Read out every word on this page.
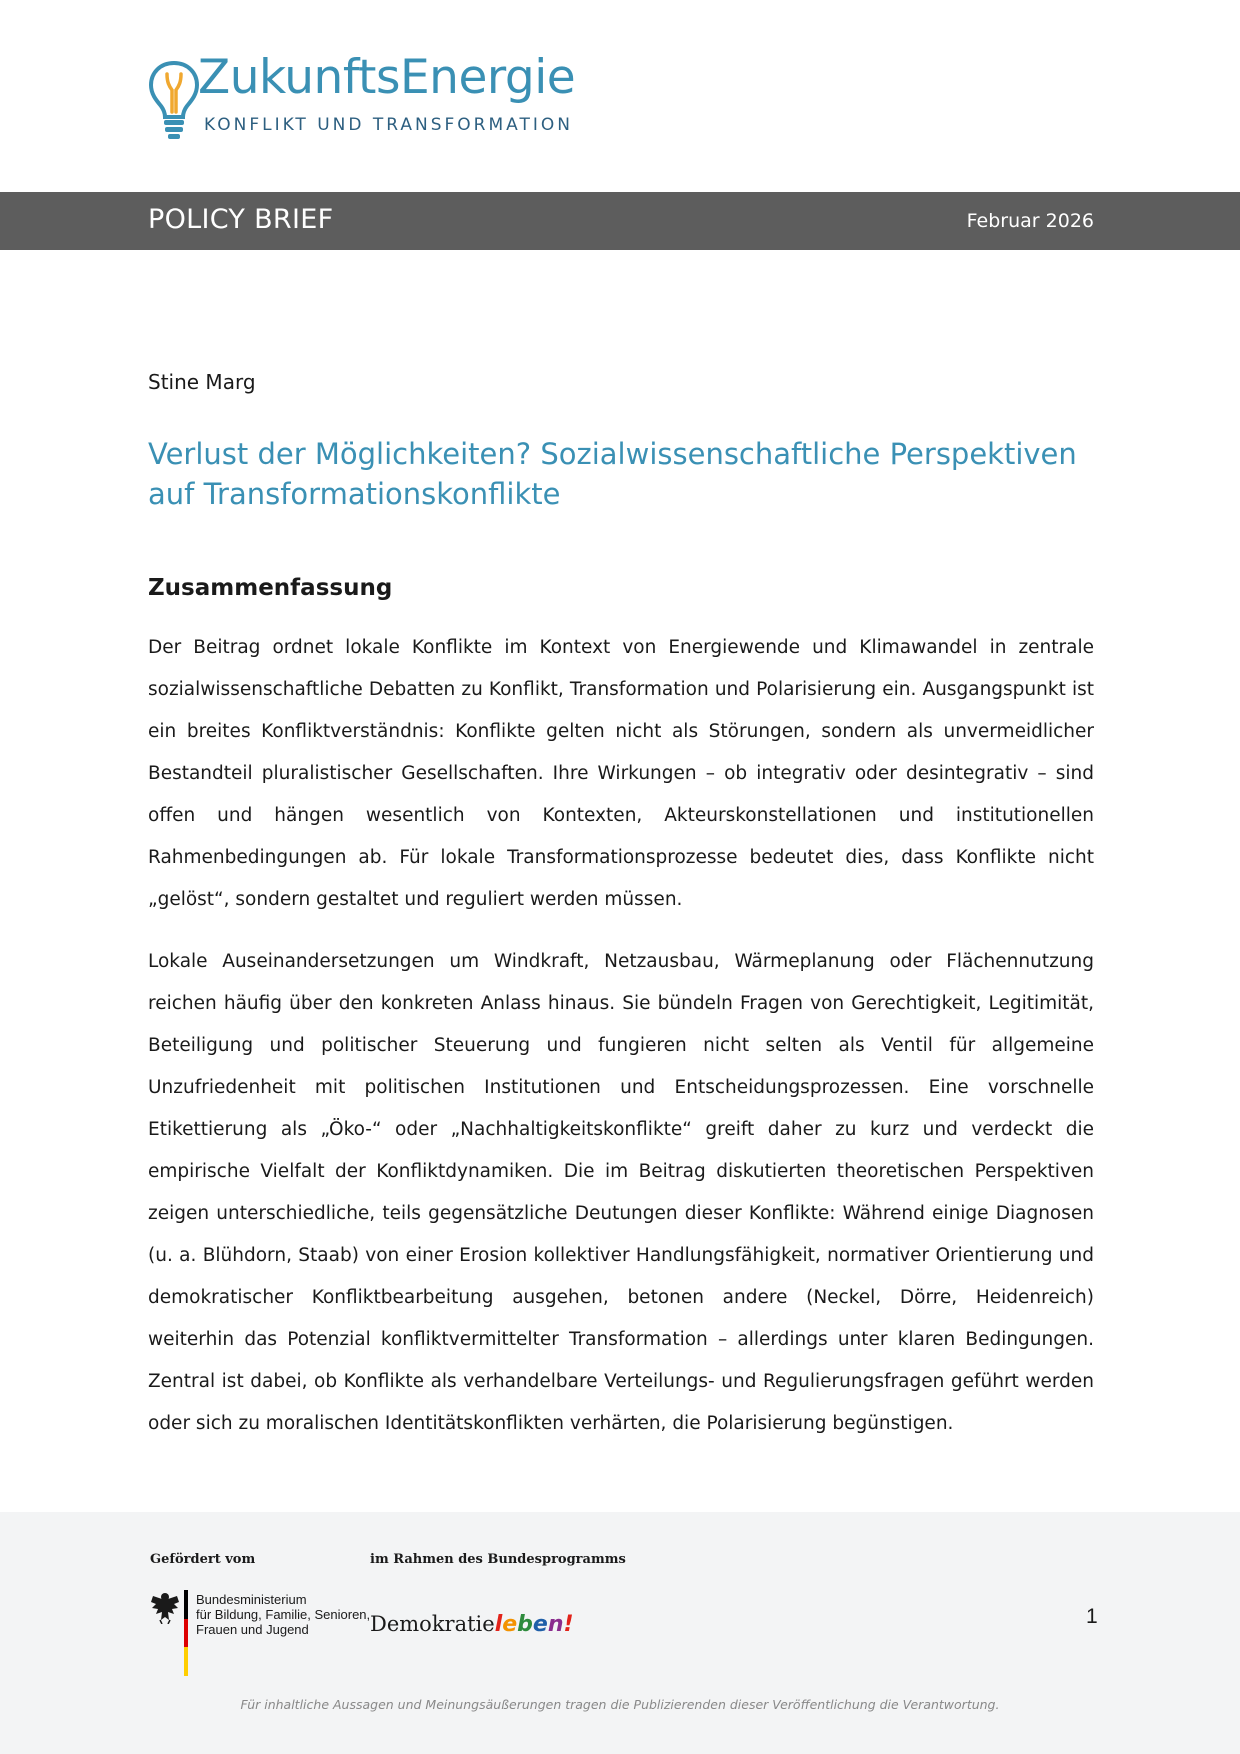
ZukunftsEnergie
KONFLIKT UND TRANSFORMATION
POLICY BRIEF	Februar 2026
Stine Marg
Verlust der Möglichkeiten? Sozialwissenschaftliche Perspektiven auf Transformationskonflikte
Zusammenfassung

Der Beitrag ordnet lokale Konflikte im Kontext von Energiewende und Klimawandel in zentrale sozialwissenschaftliche Debatten zu Konflikt, Transformation und Polarisierung ein. Ausgangspunkt ist ein breites Konfliktverständnis: Konflikte gelten nicht als Störungen, sondern als unvermeidlicher Bestandteil pluralistischer Gesellschaften. Ihre Wirkungen – ob integrativ oder desintegrativ – sind offen und hängen wesentlich von Kontexten, Akteurskonstellationen und institutionellen Rahmenbedingungen ab. Für lokale Transformationsprozesse bedeutet dies, dass Konflikte nicht „gelöst“, sondern gestaltet und reguliert werden müssen.

Lokale Auseinandersetzungen um Windkraft, Netzausbau, Wärmeplanung oder Flächennutzung reichen häufig über den konkreten Anlass hinaus. Sie bündeln Fragen von Gerechtigkeit, Legitimität, Beteiligung und politischer Steuerung und fungieren nicht selten als Ventil für allgemeine Unzufriedenheit mit politischen Institutionen und Entscheidungsprozessen. Eine vorschnelle Etikettierung als „Öko-“ oder „Nachhaltigkeitskonflikte“ greift daher zu kurz und verdeckt die empirische Vielfalt der Konfliktdynamiken. Die im Beitrag diskutierten theoretischen Perspektiven zeigen unterschiedliche, teils gegensätzliche Deutungen dieser Konflikte: Während einige Diagnosen (u. a. Blühdorn, Staab) von einer Erosion kollektiver Handlungsfähigkeit, normativer Orientierung und demokratischer Konfliktbearbeitung ausgehen, betonen andere (Neckel, Dörre, Heidenreich) weiterhin das Potenzial konfliktvermittelter Transformation – allerdings unter klaren Bedingungen. Zentral ist dabei, ob Konflikte als verhandelbare Verteilungs- und Regulierungsfragen geführt werden oder sich zu moralischen Identitätskonflikten verhärten, die Polarisierung begünstigen.

Gefördert vom	im Rahmen des Bundesprogramms
Bundesministerium
für Bildung, Familie, Senioren,
Frauen und Jugend	Demokratieleben!	1
Für inhaltliche Aussagen und Meinungsäußerungen tragen die Publizierenden dieser Veröffentlichung die Verantwortung.
